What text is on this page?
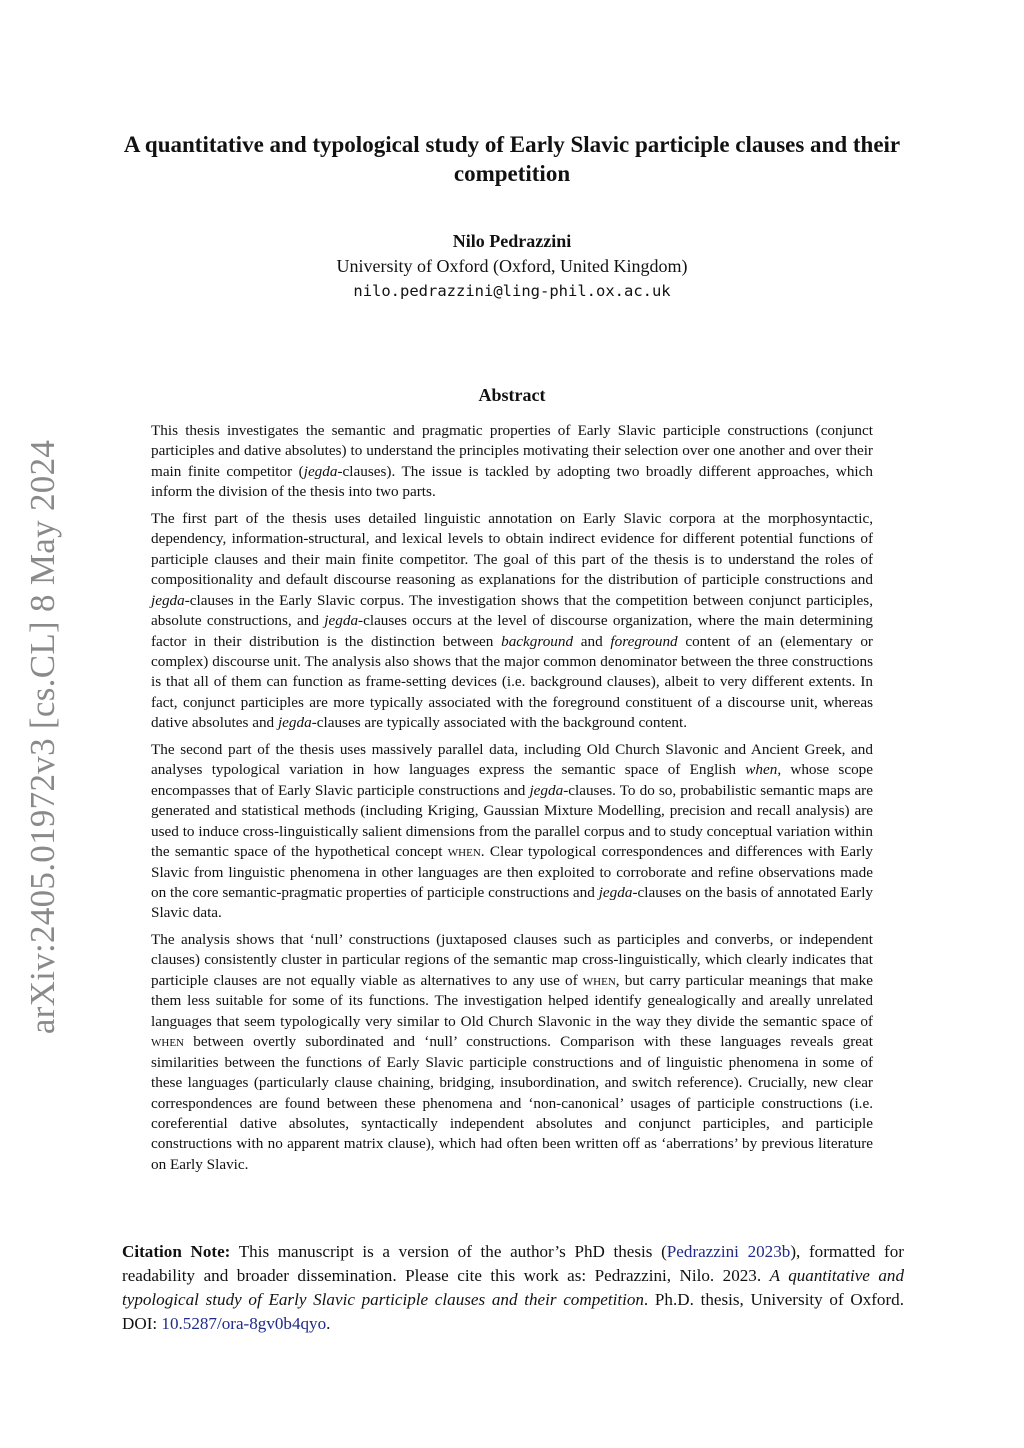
arXiv:2405.01972v3 [cs.CL] 8 May 2024
A quantitative and typological study of Early Slavic participle clauses and their competition
Nilo Pedrazzini
University of Oxford (Oxford, United Kingdom)
nilo.pedrazzini@ling-phil.ox.ac.uk
Abstract

This thesis investigates the semantic and pragmatic properties of Early Slavic participle constructions (conjunct participles and dative absolutes) to understand the principles motivating their selection over one another and over their main finite competitor (jegda-clauses). The issue is tackled by adopting two broadly different approaches, which inform the division of the thesis into two parts.

The first part of the thesis uses detailed linguistic annotation on Early Slavic corpora at the morphosyntactic, dependency, information-structural, and lexical levels to obtain indirect evidence for different potential functions of participle clauses and their main finite competitor. The goal of this part of the thesis is to understand the roles of compositionality and default discourse reasoning as explanations for the distribution of participle constructions and jegda-clauses in the Early Slavic corpus. The investigation shows that the competition between conjunct participles, absolute constructions, and jegda-clauses occurs at the level of discourse organization, where the main determining factor in their distribution is the distinction between background and foreground content of an (elementary or complex) discourse unit. The analysis also shows that the major common denominator between the three constructions is that all of them can function as frame-setting devices (i.e. background clauses), albeit to very different extents. In fact, conjunct participles are more typically associated with the foreground constituent of a discourse unit, whereas dative absolutes and jegda-clauses are typically associated with the background content.

The second part of the thesis uses massively parallel data, including Old Church Slavonic and Ancient Greek, and analyses typological variation in how languages express the semantic space of English when, whose scope encompasses that of Early Slavic participle constructions and jegda-clauses. To do so, probabilistic semantic maps are generated and statistical methods (including Kriging, Gaussian Mixture Modelling, precision and recall analysis) are used to induce cross-linguistically salient dimensions from the parallel corpus and to study conceptual variation within the semantic space of the hypothetical concept when. Clear typological correspondences and differences with Early Slavic from linguistic phenomena in other languages are then exploited to corroborate and refine observations made on the core semantic-pragmatic properties of participle constructions and jegda-clauses on the basis of annotated Early Slavic data.

The analysis shows that ‘null’ constructions (juxtaposed clauses such as participles and converbs, or independent clauses) consistently cluster in particular regions of the semantic map cross-linguistically, which clearly indicates that participle clauses are not equally viable as alternatives to any use of when, but carry particular meanings that make them less suitable for some of its functions. The investigation helped identify genealogically and areally unrelated languages that seem typologically very similar to Old Church Slavonic in the way they divide the semantic space of when between overtly subordinated and ‘null’ constructions. Comparison with these languages reveals great similarities between the functions of Early Slavic participle constructions and of linguistic phenomena in some of these languages (particularly clause chaining, bridging, insubordination, and switch reference). Crucially, new clear correspondences are found between these phenomena and ‘non-canonical’ usages of participle constructions (i.e. coreferential dative absolutes, syntactically independent absolutes and conjunct participles, and participle constructions with no apparent matrix clause), which had often been written off as ‘aberrations’ by previous literature on Early Slavic.

Citation Note: This manuscript is a version of the author’s PhD thesis (Pedrazzini 2023b), formatted for readability and broader dissemination. Please cite this work as: Pedrazzini, Nilo. 2023. A quantitative and typological study of Early Slavic participle clauses and their competition. Ph.D. thesis, University of Oxford. DOI: 10.5287/ora-8gv0b4qyo.
